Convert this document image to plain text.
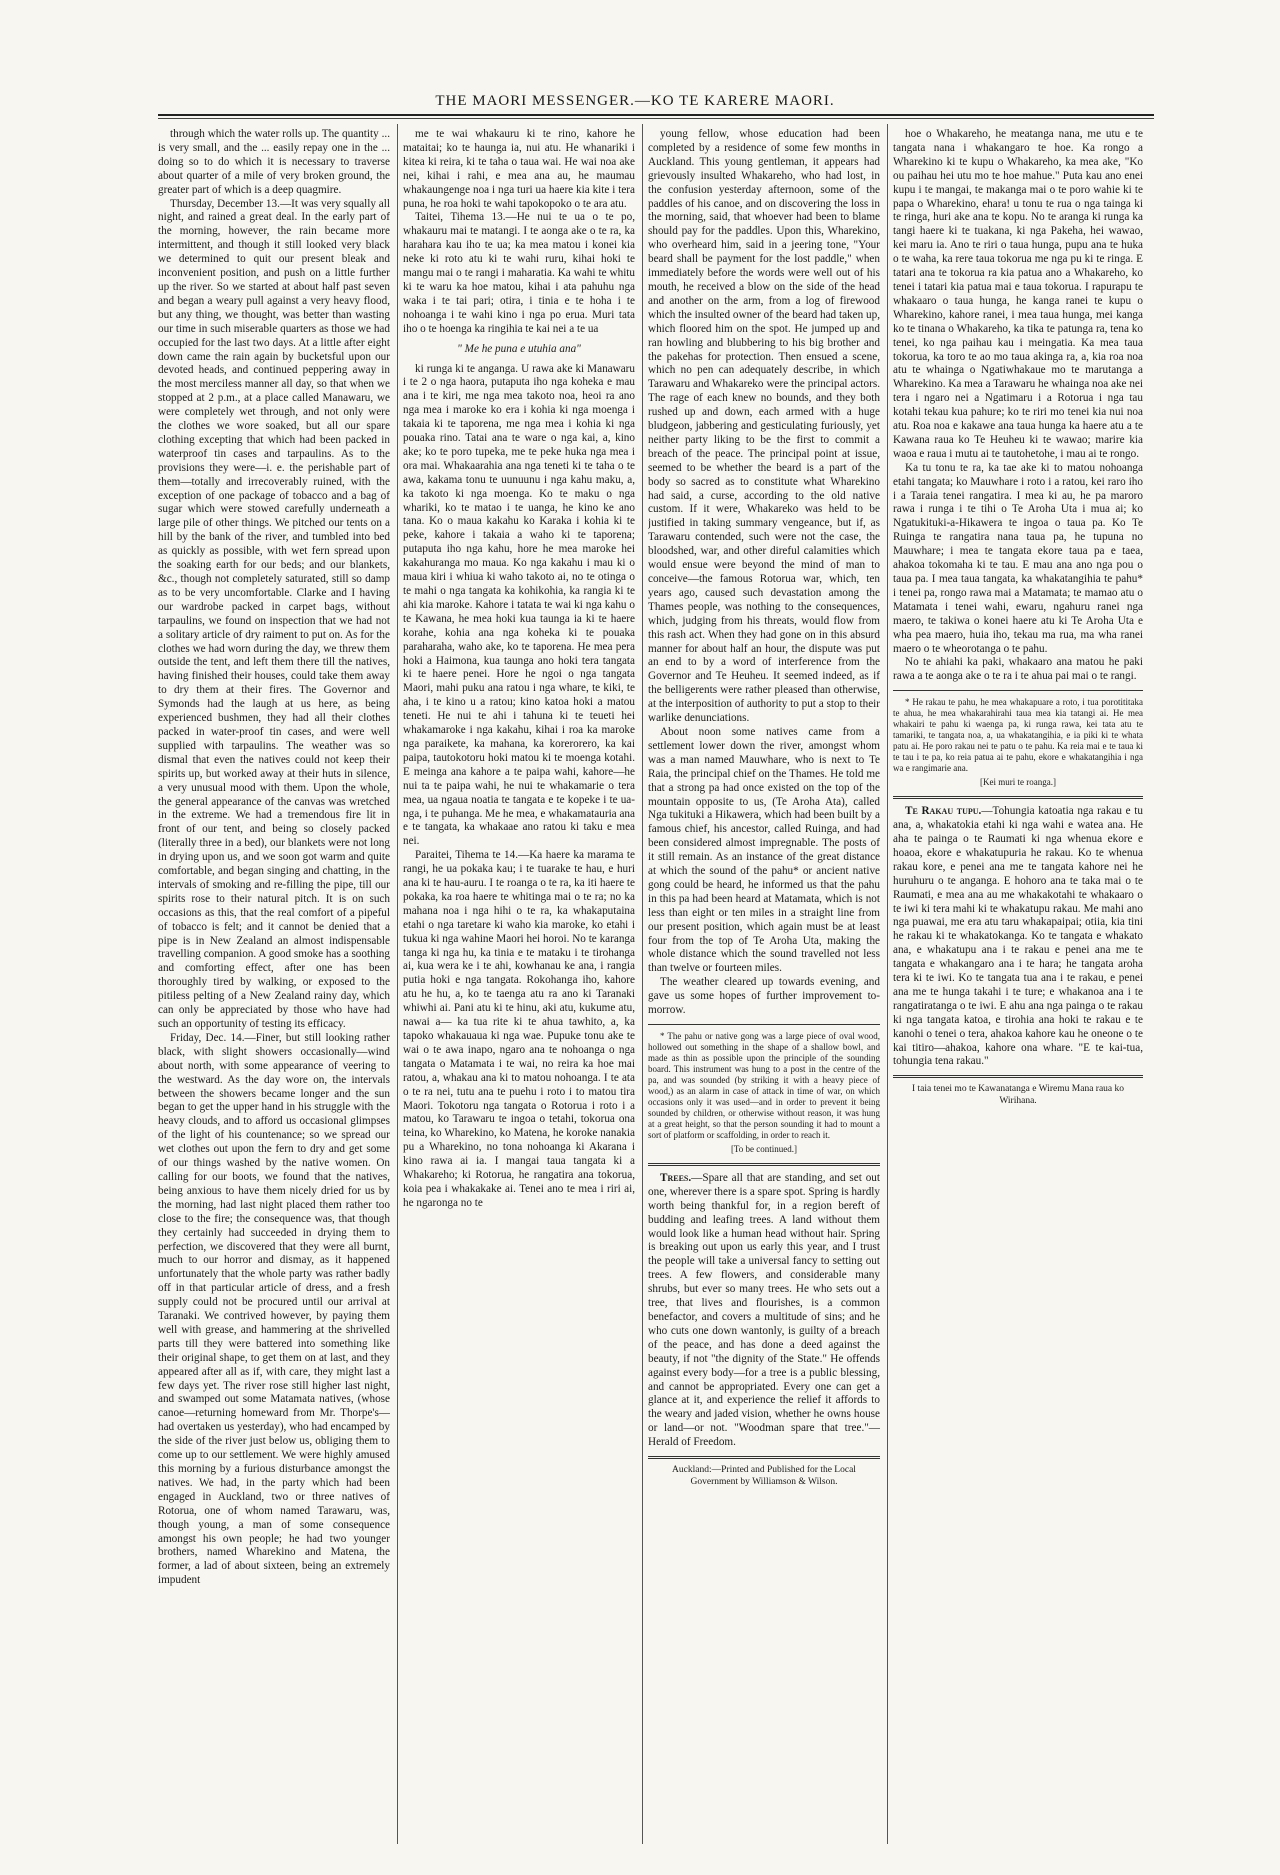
THE MAORI MESSENGER.—KO TE KARERE MAORI.

through which the water rolls up. The quantity ... is very small, and the ... easily repay one in the ... doing so to do which it is necessary to traverse about quarter of a mile of very broken ground, the greater part of which is a deep quagmire.

Thursday, December 13.—It was very squally all night, and rained a great deal. In the early part of the morning, however, the rain became more intermittent, and though it still looked very black we determined to quit our present bleak and inconvenient position, and push on a little further up the river. So we started at about half past seven and began a weary pull against a very heavy flood, but any thing, we thought, was better than wasting our time in such miserable quarters as those we had occupied for the last two days. At a little after eight down came the rain again by bucketsful upon our devoted heads, and continued peppering away in the most merciless manner all day, so that when we stopped at 2 p.m., at a place called Manawaru, we were completely wet through, and not only were the clothes we wore soaked, but all our spare clothing excepting that which had been packed in waterproof tin cases and tarpaulins. As to the provisions they were—i. e. the perishable part of them—totally and irrecoverably ruined, with the exception of one package of tobacco and a bag of sugar which were stowed carefully underneath a large pile of other things. We pitched our tents on a hill by the bank of the river, and tumbled into bed as quickly as possible, with wet fern spread upon the soaking earth for our beds; and our blankets, &c., though not completely saturated, still so damp as to be very uncomfortable. Clarke and I having our wardrobe packed in carpet bags, without tarpaulins, we found on inspection that we had not a solitary article of dry raiment to put on. As for the clothes we had worn during the day, we threw them outside the tent, and left them there till the natives, having finished their houses, could take them away to dry them at their fires. The Governor and Symonds had the laugh at us here, as being experienced bushmen, they had all their clothes packed in water-proof tin cases, and were well supplied with tarpaulins. The weather was so dismal that even the natives could not keep their spirits up, but worked away at their huts in silence, a very unusual mood with them. Upon the whole, the general appearance of the canvas was wretched in the extreme. We had a tremendous fire lit in front of our tent, and being so closely packed (literally three in a bed), our blankets were not long in drying upon us, and we soon got warm and quite comfortable, and began singing and chatting, in the intervals of smoking and re-filling the pipe, till our spirits rose to their natural pitch. It is on such occasions as this, that the real comfort of a pipeful of tobacco is felt; and it cannot be denied that a pipe is in New Zealand an almost indispensable travelling companion. A good smoke has a soothing and comforting effect, after one has been thoroughly tired by walking, or exposed to the pitiless pelting of a New Zealand rainy day, which can only be appreciated by those who have had such an opportunity of testing its efficacy.

Friday, Dec. 14.—Finer, but still looking rather black, with slight showers occasionally—wind about north, with some appearance of veering to the westward. As the day wore on, the intervals between the showers became longer and the sun began to get the upper hand in his struggle with the heavy clouds, and to afford us occasional glimpses of the light of his countenance; so we spread our wet clothes out upon the fern to dry and get some of our things washed by the native women. On calling for our boots, we found that the natives, being anxious to have them nicely dried for us by the morning, had last night placed them rather too close to the fire; the consequence was, that though they certainly had succeeded in drying them to perfection, we discovered that they were all burnt, much to our horror and dismay, as it happened unfortunately that the whole party was rather badly off in that particular article of dress, and a fresh supply could not be procured until our arrival at Taranaki. We contrived however, by paying them well with grease, and hammering at the shrivelled parts till they were battered into something like their original shape, to get them on at last, and they appeared after all as if, with care, they might last a few days yet. The river rose still higher last night, and swamped out some Matamata natives, (whose canoe—returning homeward from Mr. Thorpe's—had overtaken us yesterday), who had encamped by the side of the river just below us, obliging them to come up to our settlement. We were highly amused this morning by a furious disturbance amongst the natives. We had, in the party which had been engaged in Auckland, two or three natives of Rotorua, one of whom named Tarawaru, was, though young, a man of some consequence amongst his own people; he had two younger brothers, named Wharekino and Matena, the former, a lad of about sixteen, being an extremely impudent

me te wai whakauru ki te rino, kahore he mataitai; ko te haunga ia, nui atu. He whanariki i kitea ki reira, ki te taha o taua wai. He wai noa ake nei, kihai i rahi, e mea ana au, he maumau whakaungenge noa i nga turi ua haere kia kite i tera puna, he roa hoki te wahi tapokopoko o te ara atu.

Taitei, Tihema 13.—He nui te ua o te po, whakauru mai te matangi. I te aonga ake o te ra, ka harahara kau iho te ua; ka mea matou i konei kia neke ki roto atu ki te wahi ruru, kihai hoki te mangu mai o te rangi i maharatia. Ka wahi te whitu ki te waru ka hoe matou, kihai i ata pahuhu nga waka i te tai pari; otira, i tinia e te hoha i te nohoanga i te wahi kino i nga po erua. Muri tata iho o te hoenga ka ringihia te kai nei a te ua

" Me he puna e utuhia ana"

ki runga ki te anganga. U rawa ake ki Manawaru i te 2 o nga haora, putaputa iho nga koheka e mau ana i te kiri, me nga mea takoto noa, heoi ra ano nga mea i maroke ko era i kohia ki nga moenga i takaia ki te taporena, me nga mea i kohia ki nga pouaka rino. Tatai ana te ware o nga kai, a, kino ake; ko te poro tupeka, me te peke huka nga mea i ora mai. Whakaarahia ana nga teneti ki te taha o te awa, kakama tonu te uunuunu i nga kahu maku, a, ka takoto ki nga moenga. Ko te maku o nga whariki, ko te matao i te uanga, he kino ke ano tana. Ko o maua kakahu ko Karaka i kohia ki te peke, kahore i takaia a waho ki te taporena; putaputa iho nga kahu, hore he mea maroke hei kakahuranga mo maua. Ko nga kakahu i mau ki o maua kiri i whiua ki waho takoto ai, no te otinga o te mahi o nga tangata ka kohikohia, ka rangia ki te ahi kia maroke. Kahore i tatata te wai ki nga kahu o te Kawana, he mea hoki kua taunga ia ki te haere korahe, kohia ana nga koheka ki te pouaka paraharaha, waho ake, ko te taporena. He mea pera hoki a Haimona, kua taunga ano hoki tera tangata ki te haere penei. Hore he ngoi o nga tangata Maori, mahi puku ana ratou i nga whare, te kiki, te aha, i te kino u a ratou; kino katoa hoki a matou teneti. He nui te ahi i tahuna ki te teueti hei whakamaroke i nga kakahu, kihai i roa ka maroke nga paraikete, ka mahana, ka korerorero, ka kai paipa, tautokotoru hoki matou ki te moenga kotahi. E meinga ana kahore a te paipa wahi, kahore—he nui ta te paipa wahi, he nui te whakamarie o tera mea, ua ngaua noatia te tangata e te kopeke i te ua-nga, i te puhanga. Me he mea, e whakamatauria ana e te tangata, ka whakaae ano ratou ki taku e mea nei.

Paraitei, Tihema te 14.—Ka haere ka marama te rangi, he ua pokaka kau; i te tuarake te hau, e huri ana ki te hau-auru. I te roanga o te ra, ka iti haere te pokaka, ka roa haere te whitinga mai o te ra; no ka mahana noa i nga hihi o te ra, ka whakaputaina etahi o nga taretare ki waho kia maroke, ko etahi i tukua ki nga wahine Maori hei horoi. No te karanga tanga ki nga hu, ka tinia e te mataku i te tirohanga ai, kua wera ke i te ahi, kowhanau ke ana, i rangia putia hoki e nga tangata. Rokohanga iho, kahore atu he hu, a, ko te taenga atu ra ano ki Taranaki whiwhi ai. Pani atu ki te hinu, aki atu, kukume atu, nawai a— ka tua rite ki te ahua tawhito, a, ka tapoko whakauaua ki nga wae. Pupuke tonu ake te wai o te awa inapo, ngaro ana te nohoanga o nga tangata o Matamata i te wai, no reira ka hoe mai ratou, a, whakau ana ki to matou nohoanga. I te ata o te ra nei, tutu ana te puehu i roto i to matou tira Maori. Tokotoru nga tangata o Rotorua i roto i a matou, ko Tarawaru te ingoa o tetahi, tokorua ona teina, ko Wharekino, ko Matena, he koroke nanakia pu a Wharekino, no tona nohoanga ki Akarana i kino rawa ai ia. I mangai taua tangata ki a Whakareho; ki Rotorua, he rangatira ana tokorua, koia pea i whakakake ai. Tenei ano te mea i riri ai, he ngaronga no te

young fellow, whose education had been completed by a residence of some few months in Auckland. This young gentleman, it appears had grievously insulted Whakareho, who had lost, in the confusion yesterday afternoon, some of the paddles of his canoe, and on discovering the loss in the morning, said, that whoever had been to blame should pay for the paddles. Upon this, Wharekino, who overheard him, said in a jeering tone, "Your beard shall be payment for the lost paddle," when immediately before the words were well out of his mouth, he received a blow on the side of the head and another on the arm, from a log of firewood which the insulted owner of the beard had taken up, which floored him on the spot. He jumped up and ran howling and blubbering to his big brother and the pakehas for protection. Then ensued a scene, which no pen can adequately describe, in which Tarawaru and Whakareko were the principal actors. The rage of each knew no bounds, and they both rushed up and down, each armed with a huge bludgeon, jabbering and gesticulating furiously, yet neither party liking to be the first to commit a breach of the peace. The principal point at issue, seemed to be whether the beard is a part of the body so sacred as to constitute what Wharekino had said, a curse, according to the old native custom. If it were, Whakareko was held to be justified in taking summary vengeance, but if, as Tarawaru contended, such were not the case, the bloodshed, war, and other direful calamities which would ensue were beyond the mind of man to conceive—the famous Rotorua war, which, ten years ago, caused such devastation among the Thames people, was nothing to the consequences, which, judging from his threats, would flow from this rash act. When they had gone on in this absurd manner for about half an hour, the dispute was put an end to by a word of interference from the Governor and Te Heuheu. It seemed indeed, as if the belligerents were rather pleased than otherwise, at the interposition of authority to put a stop to their warlike denunciations.

About noon some natives came from a settlement lower down the river, amongst whom was a man named Mauwhare, who is next to Te Raia, the principal chief on the Thames. He told me that a strong pa had once existed on the top of the mountain opposite to us, (Te Aroha Ata), called Nga tukituki a Hikawera, which had been built by a famous chief, his ancestor, called Ruinga, and had been considered almost impregnable. The posts of it still remain. As an instance of the great distance at which the sound of the pahu* or ancient native gong could be heard, he informed us that the pahu in this pa had been heard at Matamata, which is not less than eight or ten miles in a straight line from our present position, which again must be at least four from the top of Te Aroha Uta, making the whole distance which the sound travelled not less than twelve or fourteen miles.

The weather cleared up towards evening, and gave us some hopes of further improvement to-morrow.

* The pahu or native gong was a large piece of oval wood, hollowed out something in the shape of a shallow bowl, and made as thin as possible upon the principle of the sounding board. This instrument was hung to a post in the centre of the pa, and was sounded (by striking it with a heavy piece of wood,) as an alarm in case of attack in time of war, on which occasions only it was used—and in order to prevent it being sounded by children, or otherwise without reason, it was hung at a great height, so that the person sounding it had to mount a sort of platform or scaffolding, in order to reach it.

[To be continued.]

Trees.—Spare all that are standing, and set out one, wherever there is a spare spot. Spring is hardly worth being thankful for, in a region bereft of budding and leafing trees. A land without them would look like a human head without hair. Spring is breaking out upon us early this year, and I trust the people will take a universal fancy to setting out trees. A few flowers, and considerable many shrubs, but ever so many trees. He who sets out a tree, that lives and flourishes, is a common benefactor, and covers a multitude of sins; and he who cuts one down wantonly, is guilty of a breach of the peace, and has done a deed against the beauty, if not "the dignity of the State." He offends against every body—for a tree is a public blessing, and cannot be appropriated. Every one can get a glance at it, and experience the relief it affords to the weary and jaded vision, whether he owns house or land—or not. "Woodman spare that tree."—Herald of Freedom.

Auckland:—Printed and Published for the Local Government by Williamson & Wilson.

hoe o Whakareho, he meatanga nana, me utu e te tangata nana i whakangaro te hoe. Ka rongo a Wharekino ki te kupu o Whakareho, ka mea ake, "Ko ou paihau hei utu mo te hoe mahue." Puta kau ano enei kupu i te mangai, te makanga mai o te poro wahie ki te papa o Wharekino, ehara! u tonu te rua o nga tainga ki te ringa, huri ake ana te kopu. No te aranga ki runga ka tangi haere ki te tuakana, ki nga Pakeha, hei wawao, kei maru ia. Ano te riri o taua hunga, pupu ana te huka o te waha, ka rere taua tokorua me nga pu ki te ringa. E tatari ana te tokorua ra kia patua ano a Whakareho, ko tenei i tatari kia patua mai e taua tokorua. I rapurapu te whakaaro o taua hunga, he kanga ranei te kupu o Wharekino, kahore ranei, i mea taua hunga, mei kanga ko te tinana o Whakareho, ka tika te patunga ra, tena ko tenei, ko nga paihau kau i meingatia. Ka mea taua tokorua, ka toro te ao mo taua akinga ra, a, kia roa noa atu te whainga o Ngatiwhakaue mo te marutanga a Wharekino. Ka mea a Tarawaru he whainga noa ake nei tera i ngaro nei a Ngatimaru i a Rotorua i nga tau kotahi tekau kua pahure; ko te riri mo tenei kia nui noa atu. Roa noa e kakawe ana taua hunga ka haere atu a te Kawana raua ko Te Heuheu ki te wawao; marire kia waoa e raua i mutu ai te tautohetohe, i mau ai te rongo.

Ka tu tonu te ra, ka tae ake ki to matou nohoanga etahi tangata; ko Mauwhare i roto i a ratou, kei raro iho i a Taraia tenei rangatira. I mea ki au, he pa maroro rawa i runga i te tihi o Te Aroha Uta i mua ai; ko Ngatukituki-a-Hikawera te ingoa o taua pa. Ko Te Ruinga te rangatira nana taua pa, he tupuna no Mauwhare; i mea te tangata ekore taua pa e taea, ahakoa tokomaha ki te tau. E mau ana ano nga pou o taua pa. I mea taua tangata, ka whakatangihia te pahu* i tenei pa, rongo rawa mai a Matamata; te mamao atu o Matamata i tenei wahi, ewaru, ngahuru ranei nga maero, te takiwa o konei haere atu ki Te Aroha Uta e wha pea maero, huia iho, tekau ma rua, ma wha ranei maero o te wheorotanga o te pahu.

No te ahiahi ka paki, whakaaro ana matou he paki rawa a te aonga ake o te ra i te ahua pai mai o te rangi.

* He rakau te pahu, he mea whakapuare a roto, i tua porotititaka te ahua, he mea whakarahirahi taua mea kia tatangi ai. He mea whakairi te pahu ki waenga pa, ki runga rawa, kei tata atu te tamariki, te tangata noa, a, ua whakatangihia, e ia piki ki te whata patu ai. He poro rakau nei te patu o te pahu. Ka reia mai e te taua ki te tau i te pa, ko reia patua ai te pahu, ekore e whakatangihia i nga wa e rangimarie ana.

[Kei muri te roanga.]

Te Rakau tupu.—Tohungia katoatia nga rakau e tu ana, a, whakatokia etahi ki nga wahi e watea ana. He aha te painga o te Raumati ki nga whenua ekore e hoaoa, ekore e whakatupuria he rakau. Ko te whenua rakau kore, e penei ana me te tangata kahore nei he huruhuru o te anganga. E hohoro ana te taka mai o te Raumati, e mea ana au me whakakotahi te whakaaro o te iwi ki tera mahi ki te whakatupu rakau. Me mahi ano nga puawai, me era atu taru whakapaipai; otiia, kia tini he rakau ki te whakatokanga. Ko te tangata e whakato ana, e whakatupu ana i te rakau e penei ana me te tangata e whakangaro ana i te hara; he tangata aroha tera ki te iwi. Ko te tangata tua ana i te rakau, e penei ana me te hunga takahi i te ture; e whakanoa ana i te rangatiratanga o te iwi. E ahu ana nga painga o te rakau ki nga tangata katoa, e tirohia ana hoki te rakau e te kanohi o tenei o tera, ahakoa kahore kau he oneone o te kai titiro—ahakoa, kahore ona whare. "E te kai-tua, tohungia tena rakau."

I taia tenei mo te Kawanatanga e Wiremu Mana raua ko Wirihana.
